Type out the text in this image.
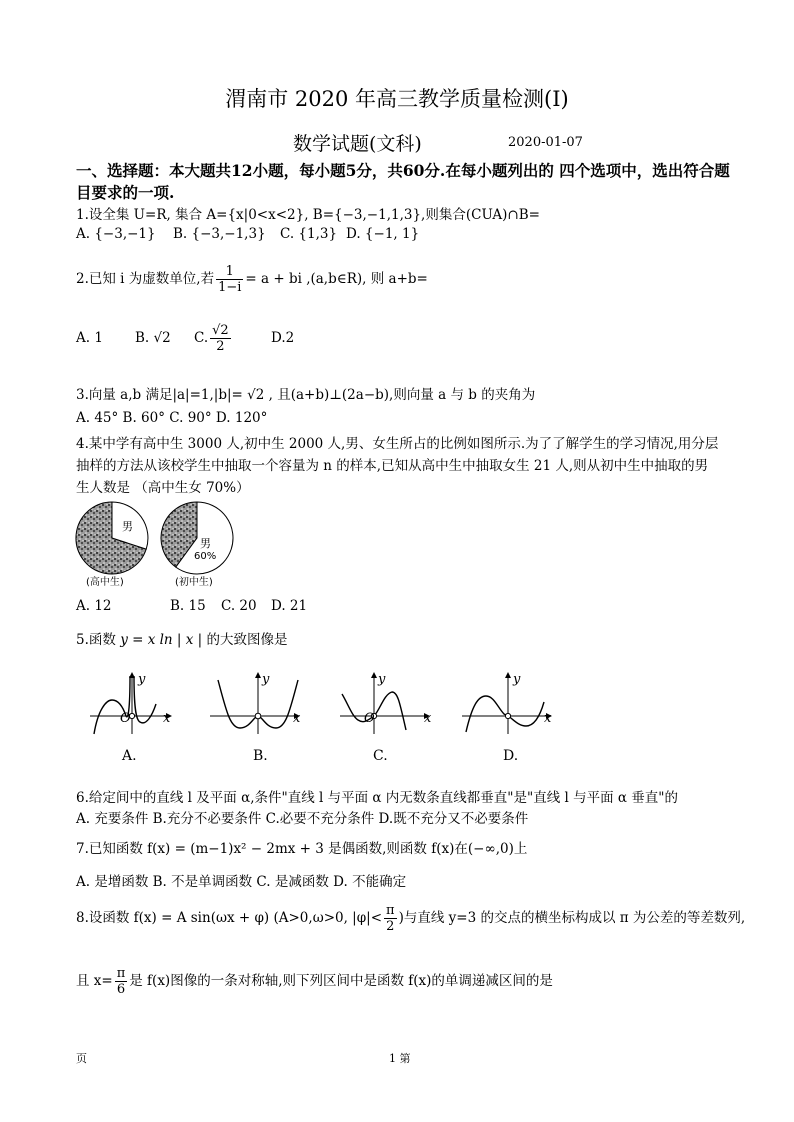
渭南市 2020 年高三教学质量检测(Ⅰ)
数学试题(文科)	2020-01-07
一、选择题：本大题共12小题，每小题5分，共60分.在每小题列出的 四个选项中，选出符合题目要求的一项.
1.设全集 U=R, 集合 A={x|0<x<2}, B={−3,−1,1,3},则集合(CUA)∩B=
A. {−3,−1} B. {−3,−1,3} C. {1,3} D. {−1, 1}
2.已知 i 为虚数单位,若 $\frac{1}{1-i} = a$ + bi ,(a,b∈R), 则 a+b=
A. 1 B. √2 C. $\frac{√2}{2}$	D.2
3.向量 a,b 满足|a|=1,|b|= √2 , 且(a+b)⊥(2a−b),则向量 a 与 b 的夹角为
A. 45° B. 60° C. 90° D. 120°
4.某中学有高中生 3000 人,初中生 2000 人,男、女生所占的比例如图所示.为了了解学生的学习情况,用分层
抽样的方法从该校学生中抽取一个容量为 n 的样本,已知从高中生中抽取女生 21 人,则从初中生中抽取的男
生人数是 （高中生女 70%）
男
(高中生)
男
60%
(初中生)
A. 12	B. 15 C. 20 D. 21
5.函数 y = x ln | x | 的大致图像是
y
x
O
y
x
y
x
O
y
x
A.	B.	C.	D.
6.给定间中的直线 l 及平面 α,条件"直线 l 与平面 α 内无数条直线都垂直"是"直线 l 与平面 α 垂直"的
A. 充要条件 B.充分不必要条件 C.必要不充分条件 D.既不充分又不必要条件
7.已知函数 f(x) = (m−1)x² − 2mx + 3 是偶函数,则函数 f(x)在(−∞,0)上
A. 是增函数 B. 不是单调函数 C. 是减函数 D. 不能确定
8.设函数 f(x) = A sin(ωx + φ) (A>0,ω>0, $|\varphi|< \frac{\pi}{2}$ )与直线 y=3 的交点的横坐标构成以 π 为公差的等差数列,
且 $x= \frac{\pi}{6}$ 是 f(x)图像的一条对称轴,则下列区间中是函数 f(x)的单调递减区间的是
页	1 第
